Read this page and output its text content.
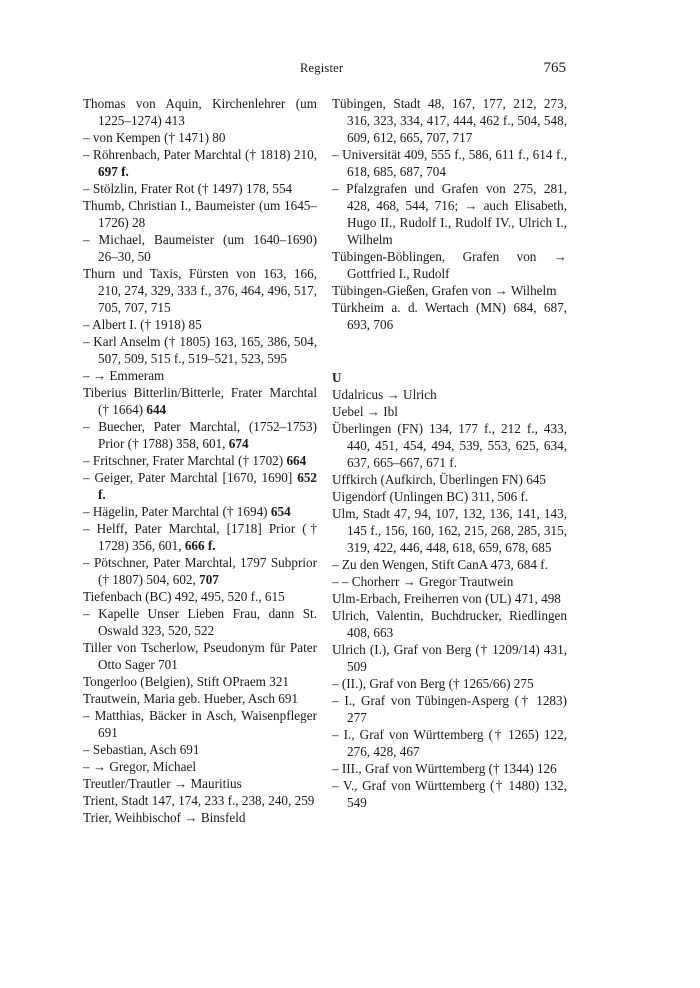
Register	765

Thomas von Aquin, Kirchenlehrer (um 1225–1274) 413

– von Kempen († 1471) 80

– Röhrenbach, Pater Marchtal († 1818) 210, 697 f.

– Stölzlin, Frater Rot († 1497) 178, 554

Thumb, Christian I., Baumeister (um 1645–1726) 28

– Michael, Baumeister (um 1640–1690) 26–30, 50

Thurn und Taxis, Fürsten von 163, 166, 210, 274, 329, 333 f., 376, 464, 496, 517, 705, 707, 715

– Albert I. († 1918) 85

– Karl Anselm († 1805) 163, 165, 386, 504, 507, 509, 515 f., 519–521, 523, 595

– → Emmeram

Tiberius Bitterlin/Bitterle, Frater Marchtal († 1664) 644

– Buecher, Pater Marchtal, (1752–1753) Prior († 1788) 358, 601, 674

– Fritschner, Frater Marchtal († 1702) 664

– Geiger, Pater Marchtal [1670, 1690] 652 f.

– Hägelin, Pater Marchtal († 1694) 654

– Helff, Pater Marchtal, [1718] Prior († 1728) 356, 601, 666 f.

– Pötschner, Pater Marchtal, 1797 Subprior († 1807) 504, 602, 707

Tiefenbach (BC) 492, 495, 520 f., 615

– Kapelle Unser Lieben Frau, dann St. Oswald 323, 520, 522

Tiller von Tscherlow, Pseudonym für Pater Otto Sager 701

Tongerloo (Belgien), Stift OPraem 321

Trautwein, Maria geb. Hueber, Asch 691

– Matthias, Bäcker in Asch, Waisenpfleger 691

– Sebastian, Asch 691

– → Gregor, Michael

Treutler/Trautler → Mauritius

Trient, Stadt 147, 174, 233 f., 238, 240, 259

Trier, Weihbischof → Binsfeld

Tübingen, Stadt 48, 167, 177, 212, 273, 316, 323, 334, 417, 444, 462 f., 504, 548, 609, 612, 665, 707, 717

– Universität 409, 555 f., 586, 611 f., 614 f., 618, 685, 687, 704

– Pfalzgrafen und Grafen von 275, 281, 428, 468, 544, 716; → auch Elisabeth, Hugo II., Rudolf I., Rudolf IV., Ulrich I., Wilhelm

Tübingen-Böblingen, Grafen von → Gottfried I., Rudolf

Tübingen-Gießen, Grafen von → Wilhelm

Türkheim a. d. Wertach (MN) 684, 687, 693, 706

U

Udalricus → Ulrich

Uebel → Ibl

Überlingen (FN) 134, 177 f., 212 f., 433, 440, 451, 454, 494, 539, 553, 625, 634, 637, 665–667, 671 f.

Uffkirch (Aufkirch, Überlingen FN) 645

Uigendorf (Unlingen BC) 311, 506 f.

Ulm, Stadt 47, 94, 107, 132, 136, 141, 143, 145 f., 156, 160, 162, 215, 268, 285, 315, 319, 422, 446, 448, 618, 659, 678, 685

– Zu den Wengen, Stift CanA 473, 684 f.

– – Chorherr → Gregor Trautwein

Ulm-Erbach, Freiherren von (UL) 471, 498

Ulrich, Valentin, Buchdrucker, Riedlingen 408, 663

Ulrich (I.), Graf von Berg († 1209/14) 431, 509

– (II.), Graf von Berg († 1265/66) 275

– I., Graf von Tübingen-Asperg († 1283) 277

– I., Graf von Württemberg († 1265) 122, 276, 428, 467

– III., Graf von Württemberg († 1344) 126

– V., Graf von Württemberg († 1480) 132, 549
